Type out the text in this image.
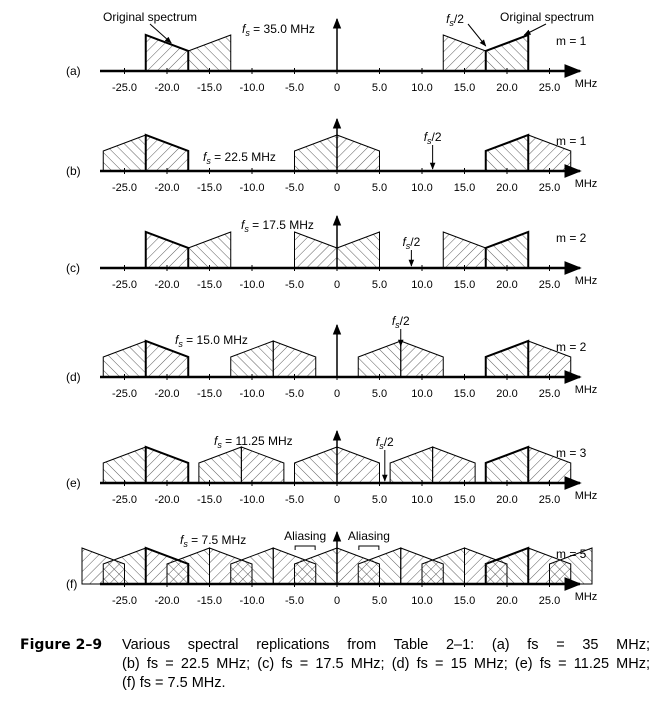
(a)
-25.0 -20.0 -15.0 -10.0 -5.0	0	5.0 10.0 15.0 20.0 25.0 MHz
m = 1
$f_s = 35.0$ MHz
$f_s/2$
Original spectrum	Original spectrum
(b)
-25.0 -20.0 -15.0 -10.0 -5.0	0	5.0 10.0 15.0 20.0 25.0 MHz
m = 1
$f_s = 22.5$ MHz
$f_s/2$
(c)
-25.0 -20.0 -15.0 -10.0 -5.0	0	5.0 10.0 15.0 20.0 25.0 MHz
m = 2
$f_s = 17.5$ MHz
$f_s/2$
(d)
-25.0 -20.0 -15.0 -10.0 -5.0	0	5.0 10.0 15.0 20.0 25.0 MHz
m = 2
$f_s = 15.0$ MHz
$f_s/2$
(e)
-25.0 -20.0 -15.0 -10.0 -5.0	0	5.0 10.0 15.0 20.0 25.0 MHz
m = 3
$f_s = 11.25$ MHz	$f_s/2$
(f)
-25.0 -20.0 -15.0 -10.0 -5.0	0	5.0 10.0 15.0 20.0 25.0 MHz
m = 5
$f_s = 7.5$ MHz	Aliasing Aliasing
Figure 2–9 Various spectral replications from Table 2–1: (a) fs = 35 MHz;
(b) fs = 22.5 MHz; (c) fs = 17.5 MHz; (d) fs = 15 MHz; (e) fs = 11.25 MHz;
(f) fs = 7.5 MHz.
